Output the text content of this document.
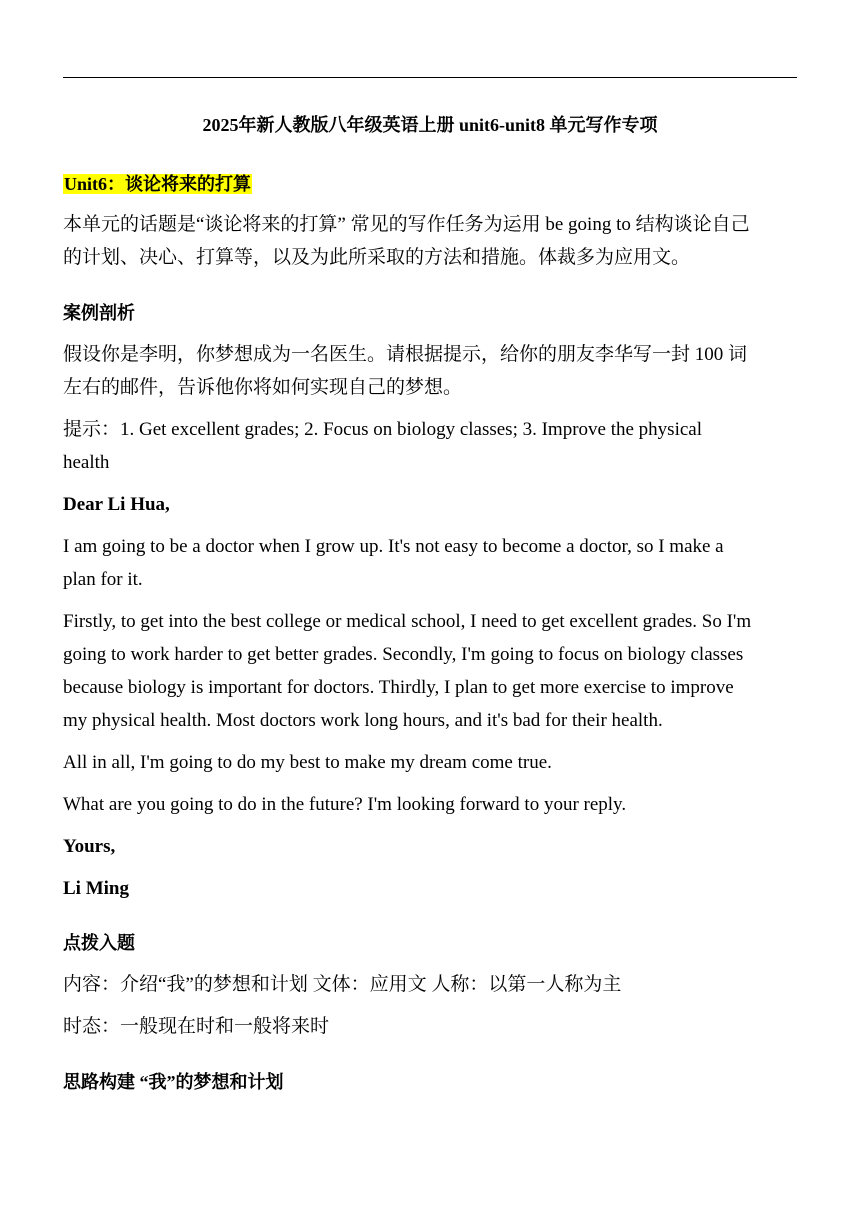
2025年新人教版八年级英语上册 unit6-unit8 单元写作专项
Unit6：谈论将来的打算
本单元的话题是“谈论将来的打算” 常见的写作任务为运用 be going to 结构谈论自己
的计划、决心、打算等，以及为此所采取的方法和措施。体裁多为应用文。
案例剖析
假设你是李明，你梦想成为一名医生。请根据提示，给你的朋友李华写一封 100 词
左右的邮件，告诉他你将如何实现自己的梦想。
提示：1. Get excellent grades; 2. Focus on biology classes; 3. Improve the physical
health
Dear Li Hua,
I am going to be a doctor when I grow up. It's not easy to become a doctor, so I make a
plan for it.
Firstly, to get into the best college or medical school, I need to get excellent grades. So I'm
going to work harder to get better grades. Secondly, I'm going to focus on biology classes
because biology is important for doctors. Thirdly, I plan to get more exercise to improve
my physical health. Most doctors work long hours, and it's bad for their health.
All in all, I'm going to do my best to make my dream come true.
What are you going to do in the future? I'm looking forward to your reply.
Yours,
Li Ming
点拨入题
内容：介绍“我”的梦想和计划 文体：应用文 人称：以第一人称为主
时态：一般现在时和一般将来时
思路构建 “我”的梦想和计划
